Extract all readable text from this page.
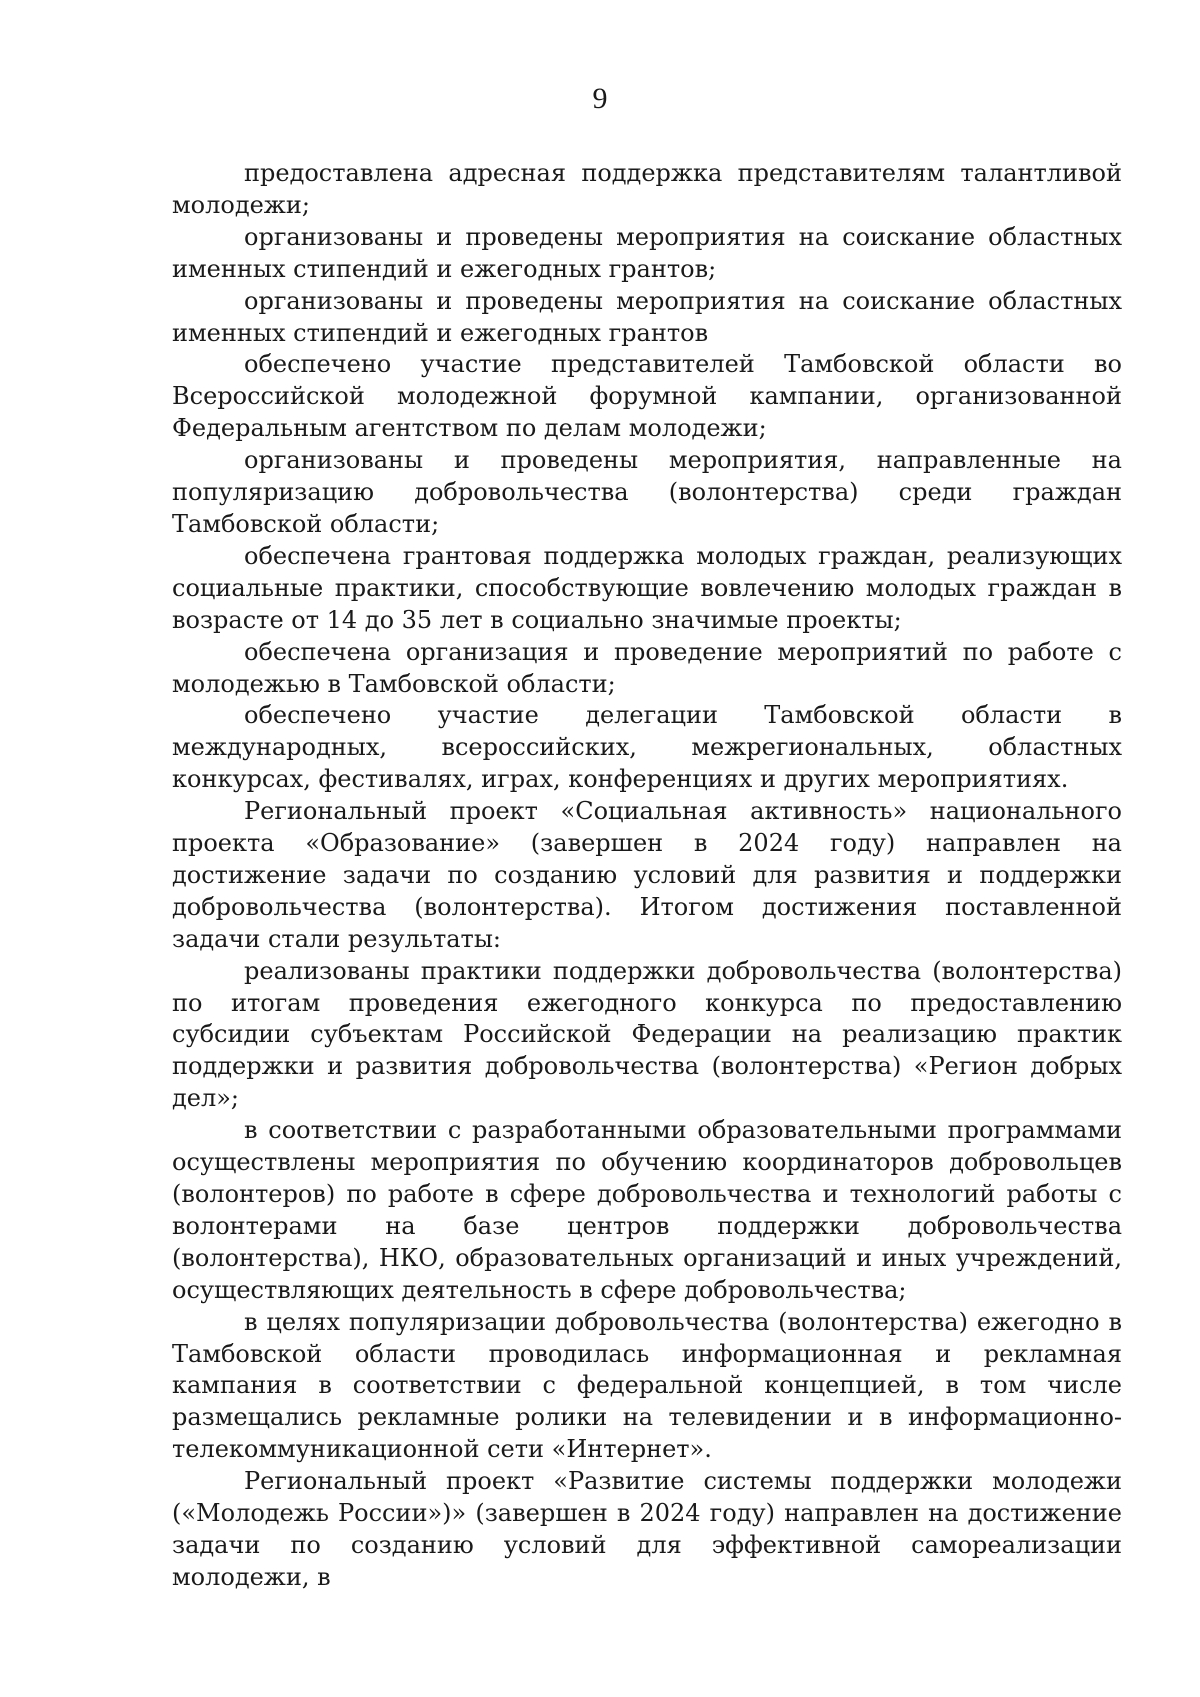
9

предоставлена адресная поддержка представителям талантливой молодежи;

организованы и проведены мероприятия на соискание областных именных стипендий и ежегодных грантов;

организованы и проведены мероприятия на соискание областных именных стипендий и ежегодных грантов

обеспечено участие представителей Тамбовской области во Всероссийской молодежной форумной кампании, организованной Федеральным агентством по делам молодежи;

организованы и проведены мероприятия, направленные на популяризацию добровольчества (волонтерства) среди граждан Тамбовской области;

обеспечена грантовая поддержка молодых граждан, реализующих социальные практики, способствующие вовлечению молодых граждан в возрасте от 14 до 35 лет в социально значимые проекты;

обеспечена организация и проведение мероприятий по работе с молодежью в Тамбовской области;

обеспечено участие делегации Тамбовской области в международных, всероссийских, межрегиональных, областных конкурсах, фестивалях, играх, конференциях и других мероприятиях.

Региональный проект «Социальная активность» национального проекта «Образование» (завершен в 2024 году) направлен на достижение задачи по созданию условий для развития и поддержки добровольчества (волонтерства). Итогом достижения поставленной задачи стали результаты:

реализованы практики поддержки добровольчества (волонтерства) по итогам проведения ежегодного конкурса по предоставлению субсидии субъектам Российской Федерации на реализацию практик поддержки и развития добровольчества (волонтерства) «Регион добрых дел»;

в соответствии с разработанными образовательными программами осуществлены мероприятия по обучению координаторов добровольцев (волонтеров) по работе в сфере добровольчества и технологий работы с волонтерами на базе центров поддержки добровольчества (волонтерства), НКО, образовательных организаций и иных учреждений, осуществляющих деятельность в сфере добровольчества;

в целях популяризации добровольчества (волонтерства) ежегодно в Тамбовской области проводилась информационная и рекламная кампания в соответствии с федеральной концепцией, в том числе размещались рекламные ролики на телевидении и в информационно-телекоммуникационной сети «Интернет».

Региональный проект «Развитие системы поддержки молодежи («Молодежь России»)» (завершен в 2024 году) направлен на достижение задачи по созданию условий для эффективной самореализации молодежи, в
